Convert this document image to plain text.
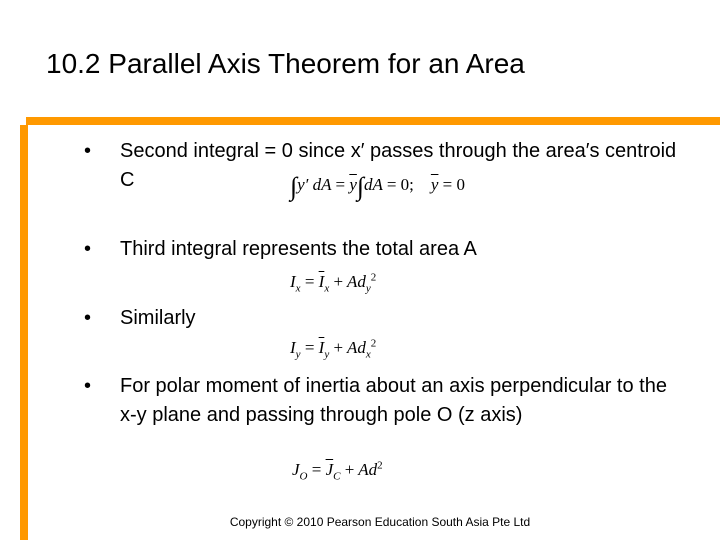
10.2 Parallel Axis Theorem for an Area
• Second integral = 0 since x′ passes through the area′s centroid C	∫y′ dA = $\overline{y}\int dA = 0$; $\overline{y} = 0$
• Third integral represents the total area A
$I_x = \overline{I}_x + Ad_y^2$
• Similarly
$I_y = \overline{I}_y + Ad_x^2$
• For polar moment of inertia about an axis perpendicular to the x-y plane and passing through pole O (z axis)
$J_O = \overline{J}_C + Ad^2$
Copyright © 2010 Pearson Education South Asia Pte Ltd
